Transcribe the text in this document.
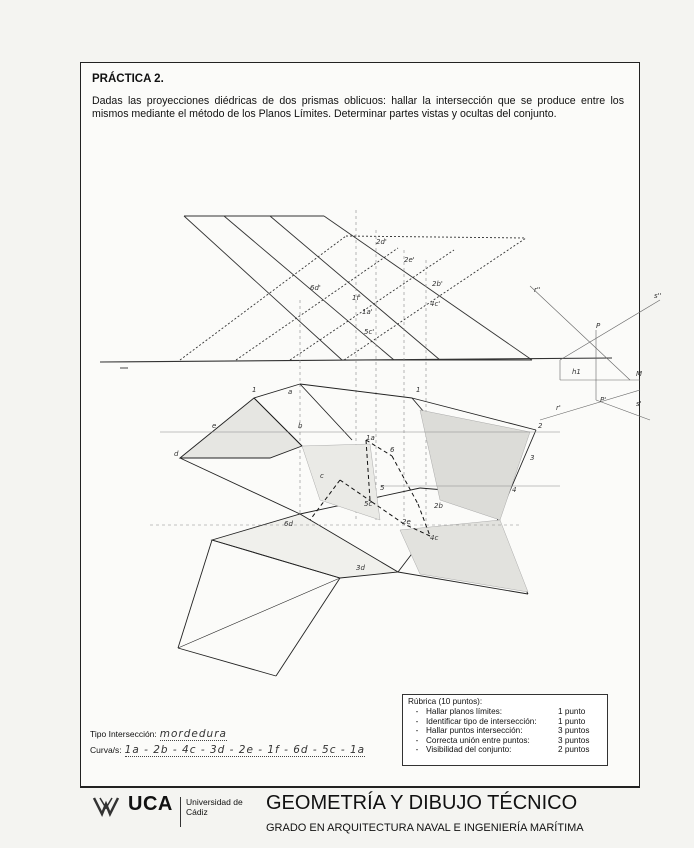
PRÁCTICA 2.
Dadas las proyecciones diédricas de dos prismas oblicuos: hallar la intersección que se produce entre los mismos mediante el método de los Planos Límites. Determinar partes vistas y ocultas del conjunto.
2d'
2e'
6d'
1f'
2b'
4c'
1a'
5c'
r''
s''
P
h1	M
r'	s'
P'
1	a	1
2
e	b
d
1a
3
6
c
5	4
5c	2b
6d	2e
4c
3d
Tipo Intersección: mordedura
Curva/s: 1a - 2b - 4c - 3d - 2e - 1f - 6d - 5c - 1a
Rúbrica (10 puntos):
- Hallar planos límites:	1 punto
- Identificar tipo de intersección:	1 punto
- Hallar puntos intersección:	3 puntos
- Correcta unión entre puntos:	3 puntos
- Visibilidad del conjunto:	2 puntos
UCA Universidad de Cádiz	GEOMETRÍA Y DIBUJO TÉCNICO
GRADO EN ARQUITECTURA NAVAL E INGENIERÍA MARÍTIMA
